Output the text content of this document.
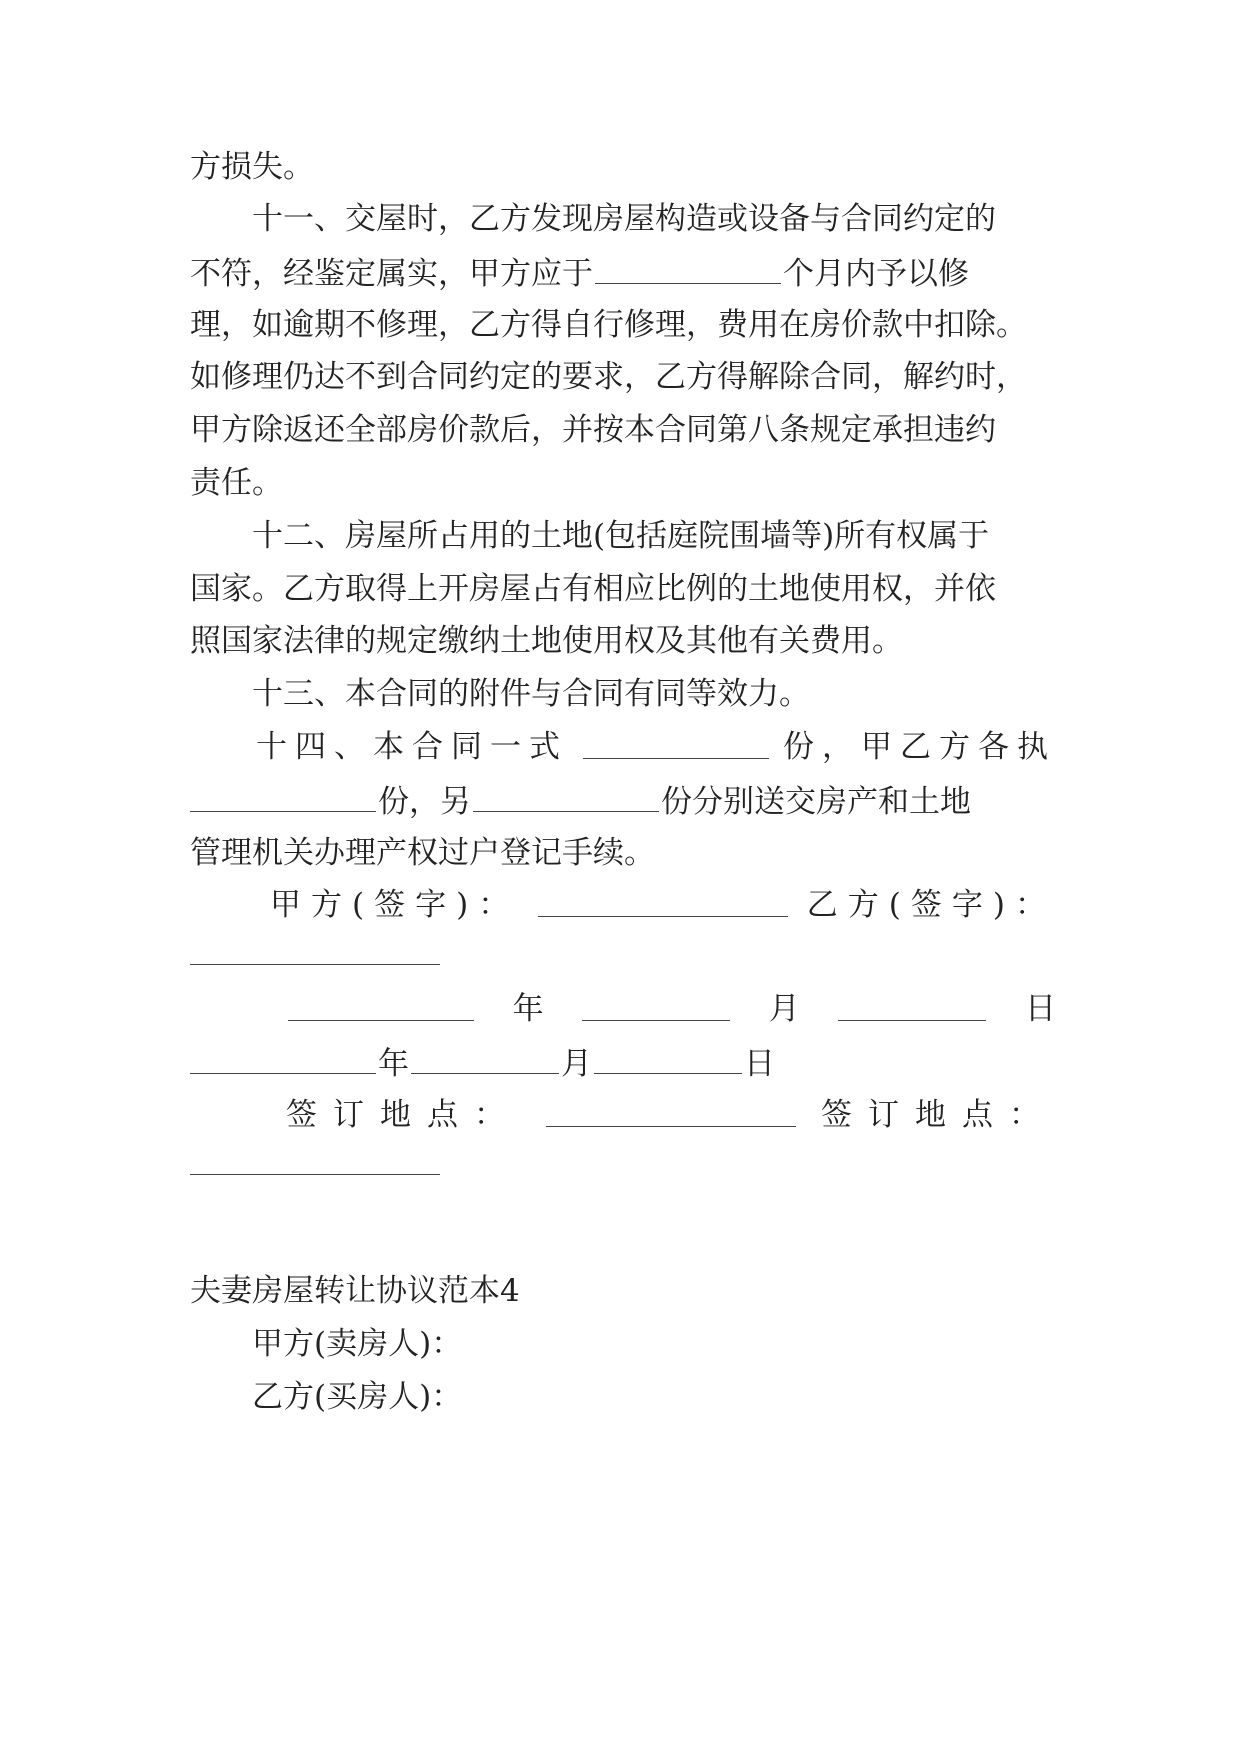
方损失。
十一、交屋时，乙方发现房屋构造或设备与合同约定的
不符，经鉴定属实，甲方应于	个月内予以修
理，如逾期不修理，乙方得自行修理，费用在房价款中扣除。
如修理仍达不到合同约定的要求，乙方得解除合同，解约时，
甲方除返还全部房价款后，并按本合同第八条规定承担违约
责任。
十二、房屋所占用的土地(包括庭院围墙等)所有权属于
国家。乙方取得上开房屋占有相应比例的土地使用权，并依
照国家法律的规定缴纳土地使用权及其他有关费用。
十三、本合同的附件与合同有同等效力。
十四、本合同一式	份，甲乙方各执
份，另	份分别送交房产和土地
管理机关办理产权过户登记手续。
甲方(签字)：	乙方(签字)：
年	月	日
年	月	日
签订地点：	签订地点：
夫妻房屋转让协议范本4
甲方(卖房人)：
乙方(买房人)：
